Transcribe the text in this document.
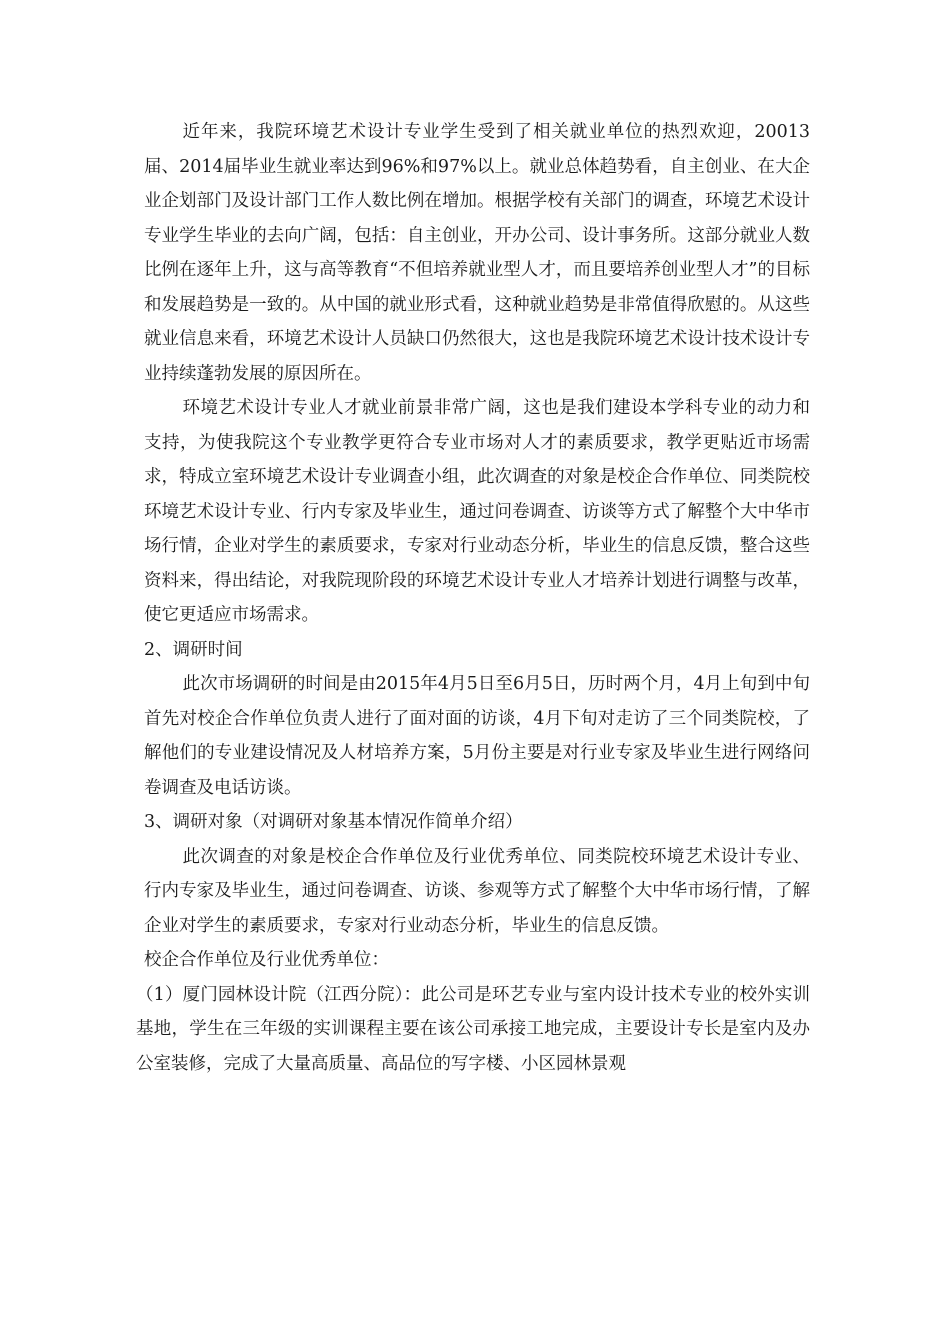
近年来，我院环境艺术设计专业学生受到了相关就业单位的热烈欢迎，20013届、2014届毕业生就业率达到96%和97%以上。就业总体趋势看，自主创业、在大企业企划部门及设计部门工作人数比例在增加。根据学校有关部门的调查，环境艺术设计专业学生毕业的去向广阔，包括：自主创业，开办公司、设计事务所。这部分就业人数比例在逐年上升，这与高等教育“不但培养就业型人才，而且要培养创业型人才”的目标和发展趋势是一致的。从中国的就业形式看，这种就业趋势是非常值得欣慰的。从这些就业信息来看，环境艺术设计人员缺口仍然很大，这也是我院环境艺术设计技术设计专业持续蓬勃发展的原因所在。

环境艺术设计专业人才就业前景非常广阔，这也是我们建设本学科专业的动力和支持，为使我院这个专业教学更符合专业市场对人才的素质要求，教学更贴近市场需求，特成立室环境艺术设计专业调查小组，此次调查的对象是校企合作单位、同类院校环境艺术设计专业、行内专家及毕业生，通过问卷调查、访谈等方式了解整个大中华市场行情，企业对学生的素质要求，专家对行业动态分析，毕业生的信息反馈，整合这些资料来，得出结论，对我院现阶段的环境艺术设计专业人才培养计划进行调整与改革，使它更适应市场需求。

2、调研时间

此次市场调研的时间是由2015年4月5日至6月5日，历时两个月，4月上旬到中旬首先对校企合作单位负责人进行了面对面的访谈，4月下旬对走访了三个同类院校，了解他们的专业建设情况及人材培养方案，5月份主要是对行业专家及毕业生进行网络问卷调查及电话访谈。

3、调研对象（对调研对象基本情况作简单介绍）

此次调查的对象是校企合作单位及行业优秀单位、同类院校环境艺术设计专业、行内专家及毕业生，通过问卷调查、访谈、参观等方式了解整个大中华市场行情，了解企业对学生的素质要求，专家对行业动态分析，毕业生的信息反馈。

校企合作单位及行业优秀单位：

（1）厦门园林设计院（江西分院）：此公司是环艺专业与室内设计技术专业的校外实训基地，学生在三年级的实训课程主要在该公司承接工地完成，主要设计专长是室内及办公室装修，完成了大量高质量、高品位的写字楼、小区园林景观
